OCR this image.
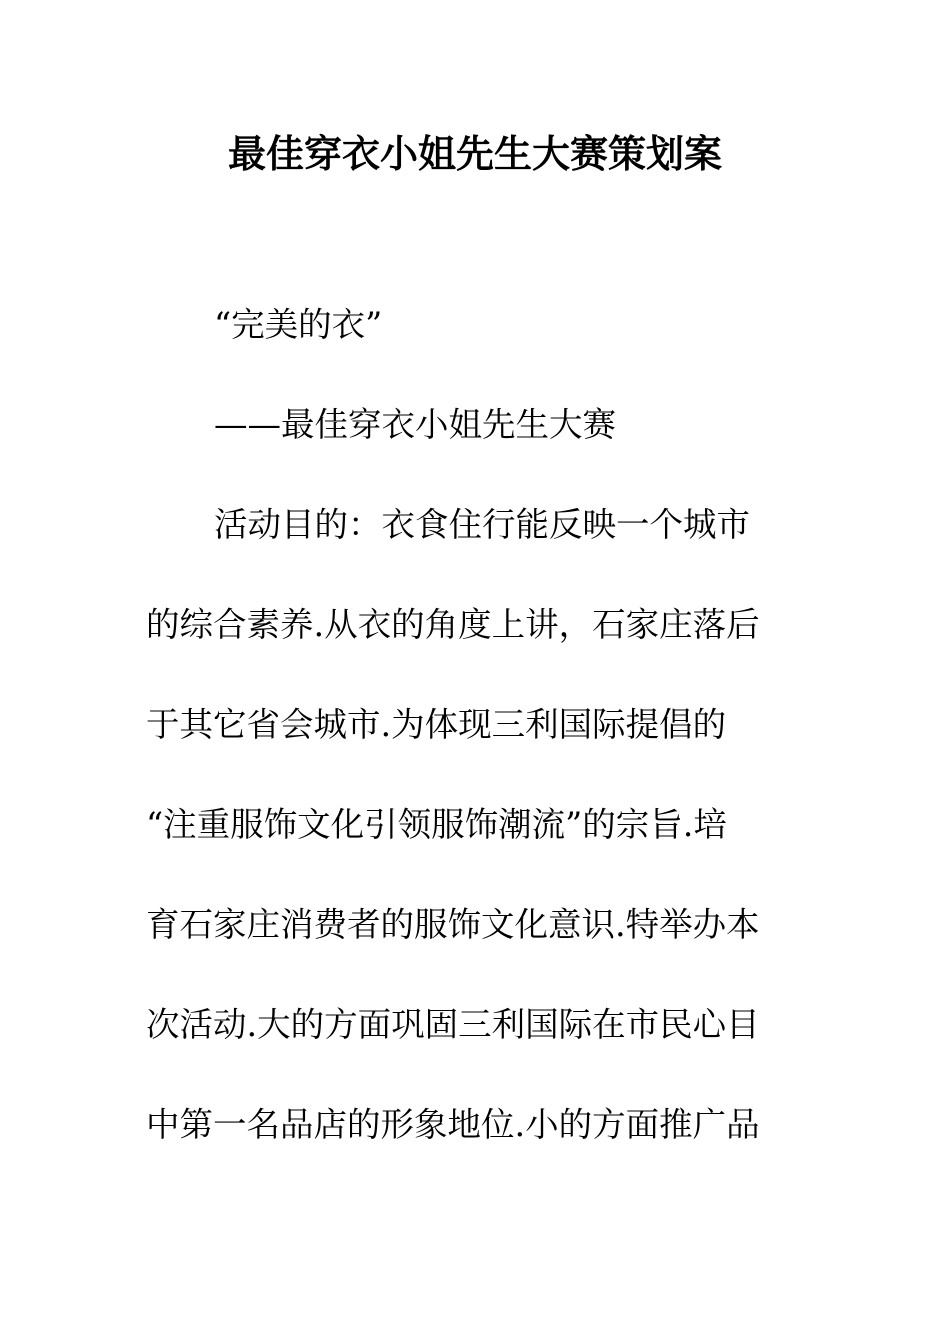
最佳穿衣小姐先生大赛策划案
“完美的衣”
——最佳穿衣小姐先生大赛
活动目的：衣食住行能反映一个城市
的综合素养.从衣的角度上讲，石家庄落后
于其它省会城市.为体现三利国际提倡的
“注重服饰文化引领服饰潮流”的宗旨.培
育石家庄消费者的服饰文化意识.特举办本
次活动.大的方面巩固三利国际在市民心目
中第一名品店的形象地位.小的方面推广品
